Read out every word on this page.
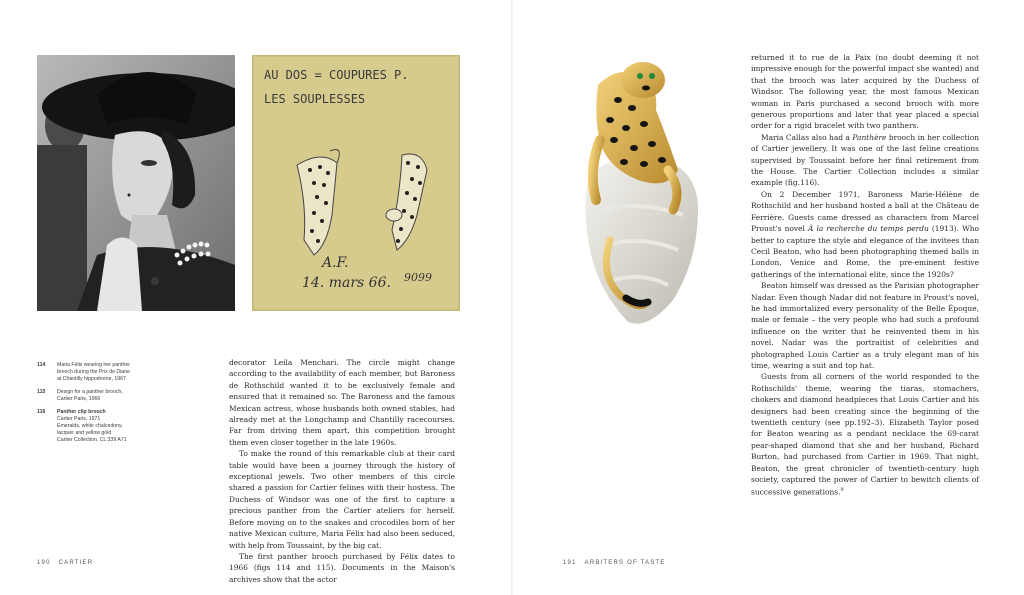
AU DOS = COUPURES P.
LES SOUPLESSES
A.F.
14. mars 66. 9099
114 Maria Félix wearing her panther
brooch during the Prix de Diane
at Chantilly hippodrome, 1967
115 Design for a panther brooch,
Cartier Paris, 1966
116 Panther clip brooch
Cartier Paris, 1971
Emeralds, white chalcedony,
lacquer and yellow gold
Cartier Collection, CL 339 A71

decorator Leila Menchari. The circle might change according to the availability of each member, but Baroness de Rothschild wanted it to be exclusively female and ensured that it remained so. The Baroness and the famous Mexican actress, whose husbands both owned stables, had already met at the Longchamp and Chantilly racecourses. Far from driving them apart, this competition brought them even closer together in the late 1960s.

To make the round of this remarkable club at their card table would have been a journey through the history of exceptional jewels. Two other members of this circle shared a passion for Cartier felines with their hostess. The Duchess of Windsor was one of the first to capture a precious panther from the Cartier ateliers for herself. Before moving on to the snakes and crocodiles born of her native Mexican culture, Maria Félix had also been seduced, with help from Toussaint, by the big cat.

The first panther brooch purchased by Félix dates to 1966 (figs 114 and 115). Documents in the Maison's archives show that the actor

returned it to rue de la Paix (no doubt deeming it not impressive enough for the powerful impact she wanted) and that the brooch was later acquired by the Duchess of Windsor. The following year, the most famous Mexican woman in Paris purchased a second brooch with more generous proportions and later that year placed a special order for a rigid bracelet with two panthers.

Maria Callas also had a Panthère brooch in her collection of Cartier jewellery. It was one of the last feline creations supervised by Toussaint before her final retirement from the House. The Cartier Collection includes a similar example (fig.116).

On 2 December 1971, Baroness Marie-Hélène de Rothschild and her husband hosted a ball at the Château de Ferrière. Guests came dressed as characters from Marcel Proust's novel À la recherche du temps perdu (1913). Who better to capture the style and elegance of the invitees than Cecil Beaton, who had been photographing themed balls in London, Venice and Rome, the pre-eminent festive gatherings of the international elite, since the 1920s?

Beaton himself was dressed as the Parisian photographer Nadar. Even though Nadar did not feature in Proust's novel, he had immortalized every personality of the Belle Époque, male or female – the very people who had such a profound influence on the writer that he reinvented them in his novel. Nadar was the portraitist of celebrities and photographed Louis Cartier as a truly elegant man of his time, wearing a suit and top hat.

Guests from all corners of the world responded to the Rothschilds' theme, wearing the tiaras, stomachers, chokers and diamond headpieces that Louis Cartier and his designers had been creating since the beginning of the twentieth century (see pp.192–3). Elizabeth Taylor posed for Beaton wearing as a pendant necklace the 69-carat pear-shaped diamond that she and her husband, Richard Burton, had purchased from Cartier in 1969. That night, Beaton, the great chronicler of twentieth-century high society, captured the power of Cartier to bewitch clients of successive generations.$^9$

190 CARTIER	191 ARBITERS OF TASTE
